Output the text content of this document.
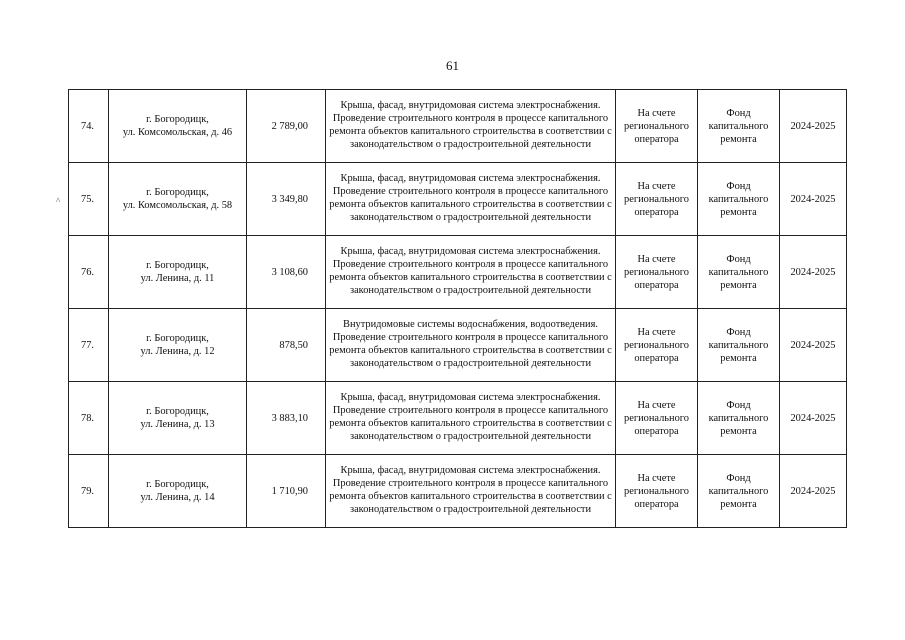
61
^
74.	г. Богородицк,
ул. Комсомольская, д. 46	2 789,00	Крыша, фасад, внутридомовая система электроснабжения. Проведение строительного контроля в процессе капитального ремонта объектов капитального строительства в соответствии с законодательством о градостроительной деятельности	На счете регионального оператора	Фонд капитального ремонта	2024-2025
75.	г. Богородицк,
ул. Комсомольская, д. 58	3 349,80	Крыша, фасад, внутридомовая система электроснабжения. Проведение строительного контроля в процессе капитального ремонта объектов капитального строительства в соответствии с законодательством о градостроительной деятельности	На счете регионального оператора	Фонд капитального ремонта	2024-2025
76.	г. Богородицк,
ул. Ленина, д. 11	3 108,60	Крыша, фасад, внутридомовая система электроснабжения. Проведение строительного контроля в процессе капитального ремонта объектов капитального строительства в соответствии с законодательством о градостроительной деятельности	На счете регионального оператора	Фонд капитального ремонта	2024-2025
77.	г. Богородицк,
ул. Ленина, д. 12	878,50	Внутридомовые системы водоснабжения, водоотведения. Проведение строительного контроля в процессе капитального ремонта объектов капитального строительства в соответствии с законодательством о градостроительной деятельности	На счете регионального оператора	Фонд капитального ремонта	2024-2025
78.	г. Богородицк,
ул. Ленина, д. 13	3 883,10	Крыша, фасад, внутридомовая система электроснабжения. Проведение строительного контроля в процессе капитального ремонта объектов капитального строительства в соответствии с законодательством о градостроительной деятельности	На счете регионального оператора	Фонд капитального ремонта	2024-2025
79.	г. Богородицк,
ул. Ленина, д. 14	1 710,90	Крыша, фасад, внутридомовая система электроснабжения. Проведение строительного контроля в процессе капитального ремонта объектов капитального строительства в соответствии с законодательством о градостроительной деятельности	На счете регионального оператора	Фонд капитального ремонта	2024-2025
